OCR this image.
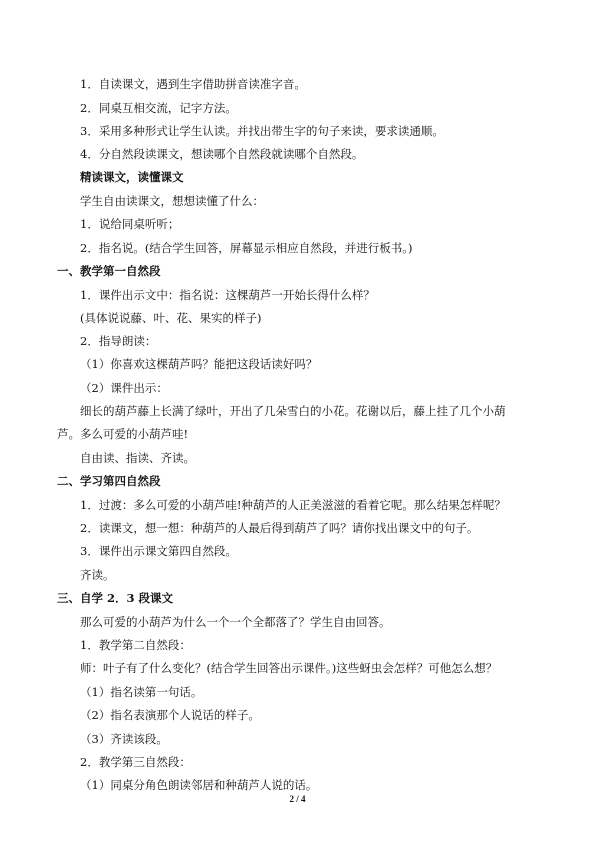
1．自读课文，遇到生字借助拼音读准字音。
2．同桌互相交流，记字方法。
3．采用多种形式让学生认读。并找出带生字的句子来读，要求读通顺。
4．分自然段读课文，想读哪个自然段就读哪个自然段。
精读课文，读懂课文
学生自由读课文，想想读懂了什么：
1．说给同桌听听；
2．指名说。(结合学生回答，屏幕显示相应自然段，并进行板书。)
一、教学第一自然段
1．课件出示文中：指名说：这棵葫芦一开始长得什么样？
(具体说说藤、叶、花、果实的样子)
2．指导朗读：
（1）你喜欢这棵葫芦吗？能把这段话读好吗？
（2）课件出示：
细长的葫芦藤上长满了绿叶，开出了几朵雪白的小花。花谢以后，藤上挂了几个小葫
芦。多么可爱的小葫芦哇!
自由读、指读、齐读。
二、学习第四自然段
1．过渡：多么可爱的小葫芦哇!种葫芦的人正美滋滋的看着它呢。那么结果怎样呢？
2．读课文，想一想：种葫芦的人最后得到葫芦了吗？请你找出课文中的句子。
3．课件出示课文第四自然段。
齐读。
三、自学 2．3 段课文
那么可爱的小葫芦为什么一个一个全都落了？学生自由回答。
1．教学第二自然段：
师：叶子有了什么变化？(结合学生回答出示课件。)这些蚜虫会怎样？可他怎么想？
（1）指名读第一句话。
（2）指名表演那个人说话的样子。
（3）齐读该段。
2．教学第三自然段：
（1）同桌分角色朗读邻居和种葫芦人说的话。
2 / 4
